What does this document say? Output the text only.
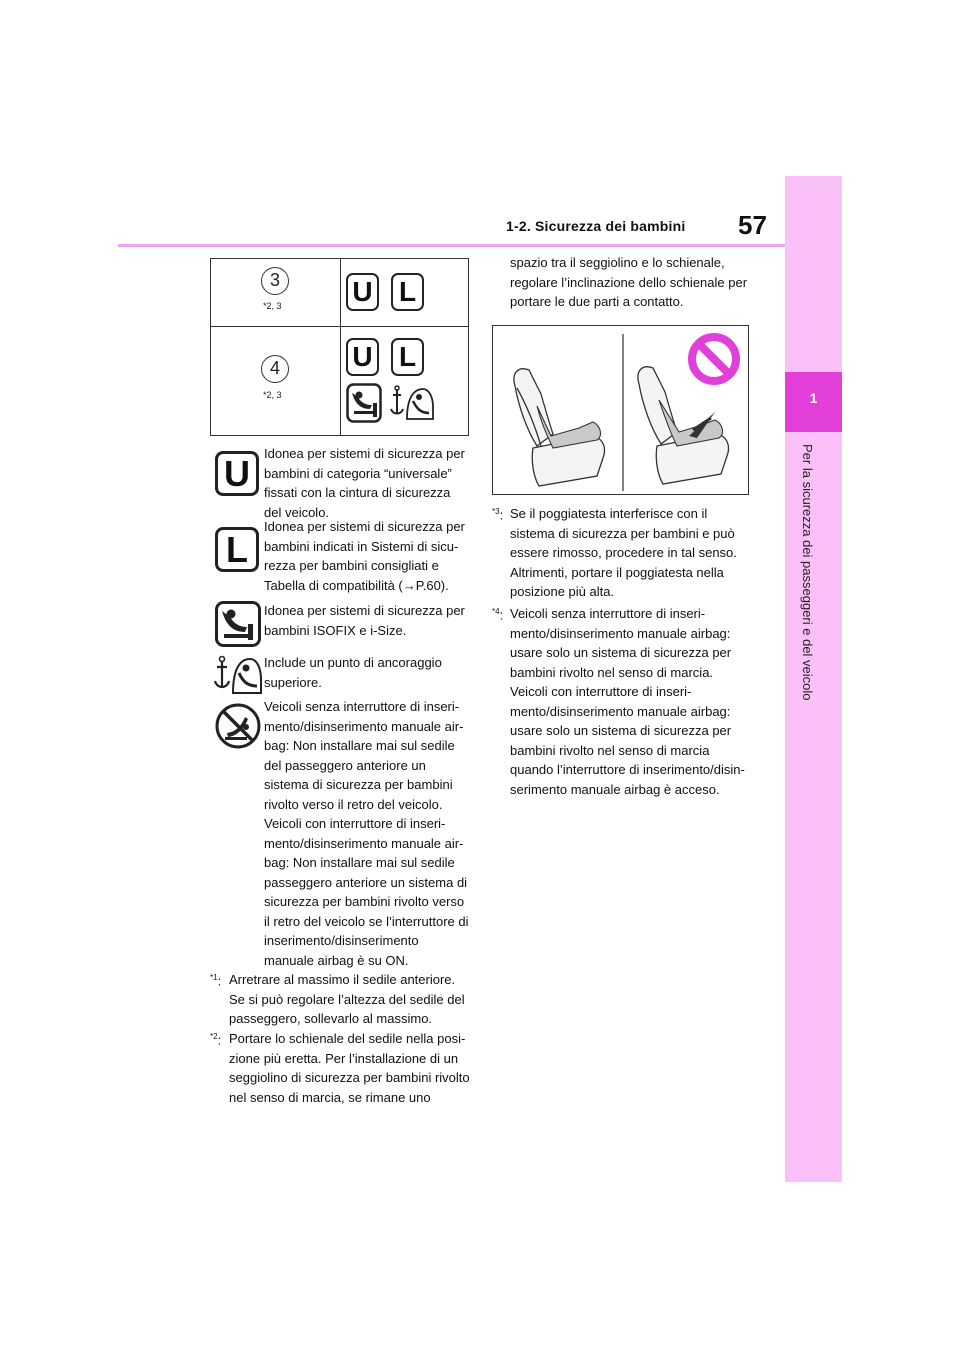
1-2. Sicurezza dei bambini 57
1
Per la sicurezza dei passeggeri e del veicolo
3
*2, 3	U L
4
*2, 3
U L
U	Idonea per sistemi di sicurezza per bambini di categoria “universale” fissati con la cintura di sicurezza del veicolo.
L
Idonea per sistemi di sicurezza per bambini indicati in Sistemi di sicu-rezza per bambini consigliati e Tabella di compatibilità (→P.60).
Idonea per sistemi di sicurezza per bambini ISOFIX e i-Size.
Include un punto di ancoraggio superiore.
Veicoli senza interruttore di inseri-mento/disinserimento manuale air-bag: Non installare mai sul sedile del passeggero anteriore un sistema di sicurezza per bambini rivolto verso il retro del veicolo. Veicoli con interruttore di inseri-mento/disinserimento manuale air-bag: Non installare mai sul sedile passeggero anteriore un sistema di sicurezza per bambini rivolto verso il retro del veicolo se l’interruttore di inserimento/disinserimento manuale airbag è su ON.
$^{*1}$: Arretrare al massimo il sedile anteriore. Se si può regolare l’altezza del sedile del passeggero, sollevarlo al massimo.
$^{*2}$: Portare lo schienale del sedile nella posi-zione più eretta. Per l’installazione di un seggiolino di sicurezza per bambini rivolto nel senso di marcia, se rimane uno
spazio tra il seggiolino e lo schienale, regolare l’inclinazione dello schienale per portare le due parti a contatto.
$^{*3}$: Se il poggiatesta interferisce con il sistema di sicurezza per bambini e può essere rimosso, procedere in tal senso. Altrimenti, portare il poggiatesta nella posizione più alta.
$^{*4}$: Veicoli senza interruttore di inseri-mento/disinserimento manuale airbag: usare solo un sistema di sicurezza per bambini rivolto nel senso di marcia. Veicoli con interruttore di inseri-mento/disinserimento manuale airbag: usare solo un sistema di sicurezza per bambini rivolto nel senso di marcia quando l’interruttore di inserimento/disin-serimento manuale airbag è acceso.
